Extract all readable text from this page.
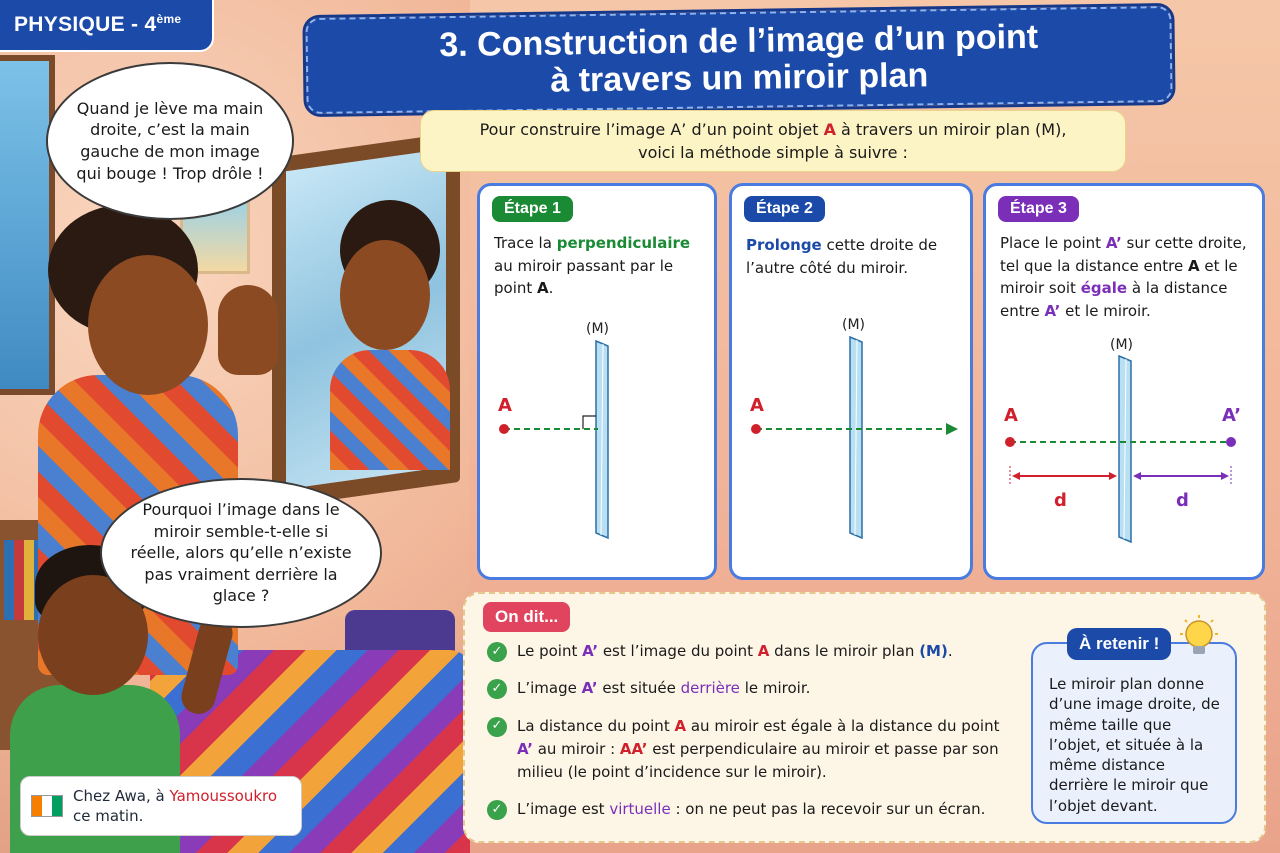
PHYSIQUE - 4ème
Quand je lève ma main droite, c’est la main gauche de mon image qui bouge ! Trop drôle !
Pourquoi l’image dans le miroir semble-t-elle si réelle, alors qu’elle n’existe pas vraiment derrière la glace ?
Chez Awa, à Yamoussoukro
ce matin.
3. Construction de l’image d’un point
à travers un miroir plan
Pour construire l’image A’ d’un point objet A à travers un miroir plan (M),
voici la méthode simple à suivre :
Étape 1
Trace la perpendiculaire au miroir passant par le point A.
(M)
A
Étape 2
Prolonge cette droite de l’autre côté du miroir.
(M)
A
Étape 3
Place le point A’ sur cette droite, tel que la distance entre A et le miroir soit égale à la distance entre A’ et le miroir.
(M)
A	A’
d	d
On dit...
✓ Le point A’ est l’image du point A dans le miroir plan (M).
✓ L’image A’ est située derrière le miroir.
✓ La distance du point A au miroir est égale à la distance du point A’ au miroir : AA’ est perpendiculaire au miroir et passe par son milieu (le point d’incidence sur le miroir).
✓ L’image est virtuelle : on ne peut pas la recevoir sur un écran.
À retenir !
Le miroir plan donne d’une image droite, de même taille que l’objet, et située à la même distance derrière le miroir que l’objet devant.
